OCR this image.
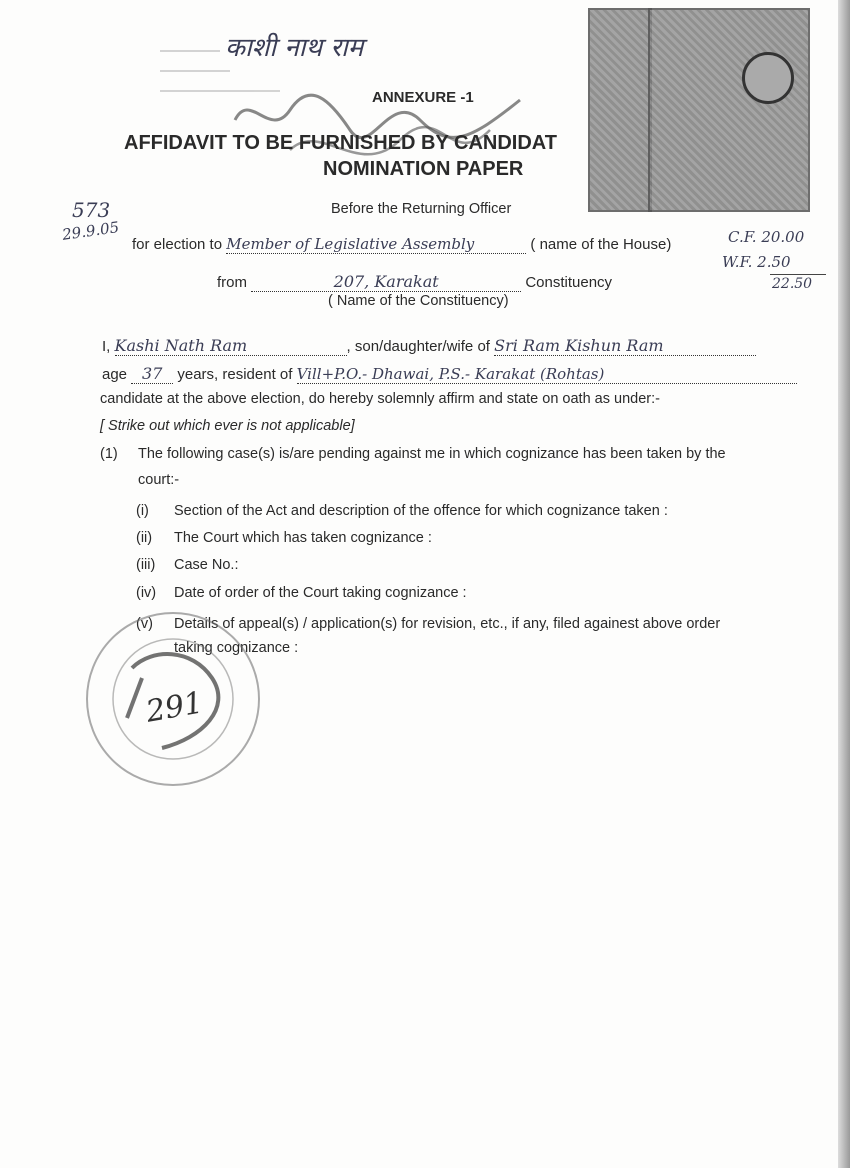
काशी नाथ राम
ANNEXURE -1
AFFIDAVIT TO BE FURNISHED BY CANDIDAT
NOMINATION PAPER
Before the Returning Officer
573
29.9.05	C.F. 20.00
W.F. 2.50
22.50
for election to Member of Legislative Assembly	( name of the House)
from	207, Karakat	Constituency
( Name of the Constituency)
I, Kashi Nath Ram	, son/daughter/wife of Sri Ram Kishun Ram
age 37 years, resident of Vill+P.O.- Dhawai, P.S.- Karakat (Rohtas)
candidate at the above election, do hereby solemnly affirm and state on oath as under:-
[ Strike out which ever is not applicable]
(1) The following case(s) is/are pending against me in which cognizance has been taken by the
court:-
(i) Section of the Act and description of the offence for which cognizance taken :
(ii) The Court which has taken cognizance :
(iii) Case No.:
(iv) Date of order of the Court taking cognizance :
(v) Details of appeal(s) / application(s) for revision, etc., if any, filed againest above order
taking cognizance :
291
